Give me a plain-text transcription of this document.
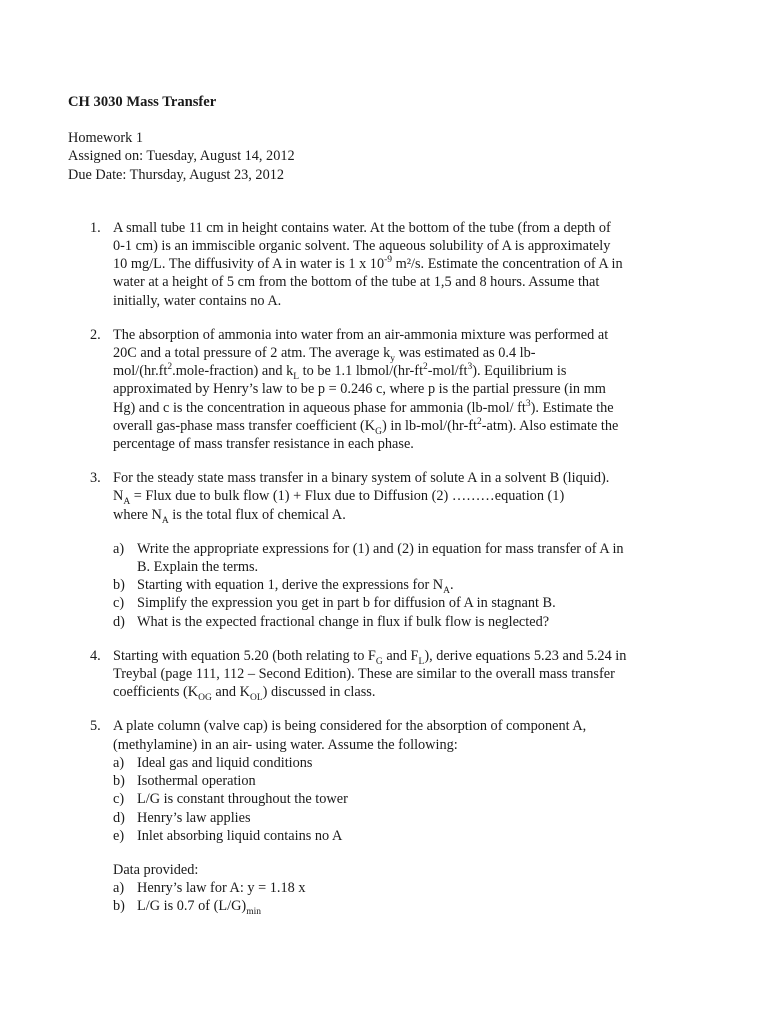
CH 3030 Mass Transfer
Homework 1
Assigned on: Tuesday, August 14, 2012
Due Date: Thursday, August 23, 2012
1. A small tube 11 cm in height contains water. At the bottom of the tube (from a depth of
0-1 cm) is an immiscible organic solvent. The aqueous solubility of A is approximately
10 mg/L. The diffusivity of A in water is 1 x $10^{-9}$ m²/s. Estimate the concentration of A in
water at a height of 5 cm from the bottom of the tube at 1,5 and 8 hours. Assume that
initially, water contains no A.
2. The absorption of ammonia into water from an air-ammonia mixture was performed at
20C and a total pressure of 2 atm. The average $k_y$ was estimated as 0.4 lb-
mol/$(hr.ft^2.mole-fraction)$ and $k_L$ to be 1.1 lbmol/$(hr-ft^2-mol/ft^3)$. Equilibrium is
approximated by Henry’s law to be p = 0.246 c, where p is the partial pressure (in mm
Hg) and c is the concentration in aqueous phase for ammonia (lb-mol/ $ft^3$). Estimate the
overall gas-phase mass transfer coefficient $(K_G)$ in $lb-mol/(hr-ft^2-atm)$. Also estimate the
percentage of mass transfer resistance in each phase.
3. For the steady state mass transfer in a binary system of solute A in a solvent B (liquid).
$N_A$ = Flux due to bulk flow (1) + Flux due to Diffusion (2) ………equation (1)
where $N_A$ is the total flux of chemical A.
a) Write the appropriate expressions for (1) and (2) in equation for mass transfer of A in
B. Explain the terms.
b) Starting with equation 1, derive the expressions for $N_A$.
c) Simplify the expression you get in part b for diffusion of A in stagnant B.
d) What is the expected fractional change in flux if bulk flow is neglected?
4. Starting with equation 5.20 (both relating to $F_G$ and $F_L$), derive equations 5.23 and 5.24 in
Treybal (page 111, 112 – Second Edition). These are similar to the overall mass transfer
coefficients ($K_{OG}$ and $K_{OL}$) discussed in class.
5. A plate column (valve cap) is being considered for the absorption of component A,
(methylamine) in an air- using water. Assume the following:
a) Ideal gas and liquid conditions
b) Isothermal operation
c) L/G is constant throughout the tower
d) Henry’s law applies
e) Inlet absorbing liquid contains no A
Data provided:
a) Henry’s law for A: y = 1.18 x
b) L/G is 0.7 of $(L/G)_{min}$
